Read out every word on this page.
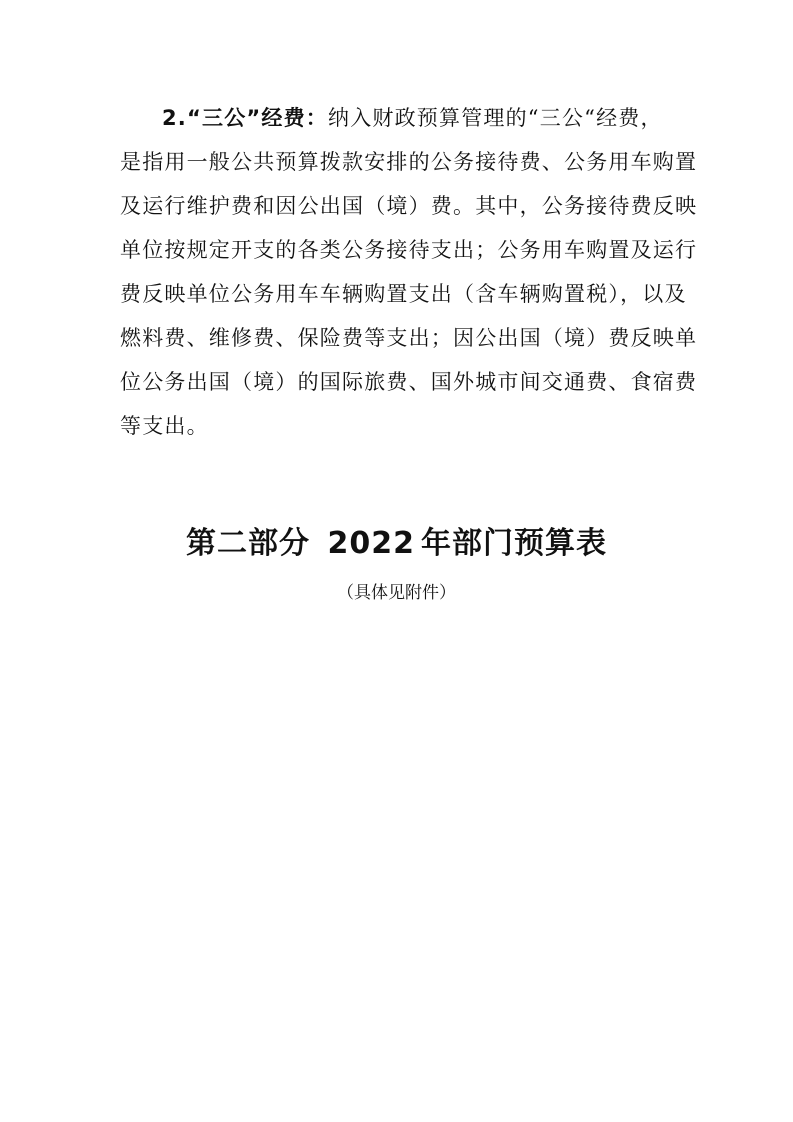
2.“三公”经费：纳入财政预算管理的“三公“经费，
是指用一般公共预算拨款安排的公务接待费、公务用车购置
及运行维护费和因公出国（境）费。其中，公务接待费反映
单位按规定开支的各类公务接待支出；公务用车购置及运行
费反映单位公务用车车辆购置支出（含车辆购置税），以及
燃料费、维修费、保险费等支出；因公出国（境）费反映单
位公务出国（境）的国际旅费、国外城市间交通费、食宿费
等支出。
第二部分 2022 年部门预算表
（具体见附件）
